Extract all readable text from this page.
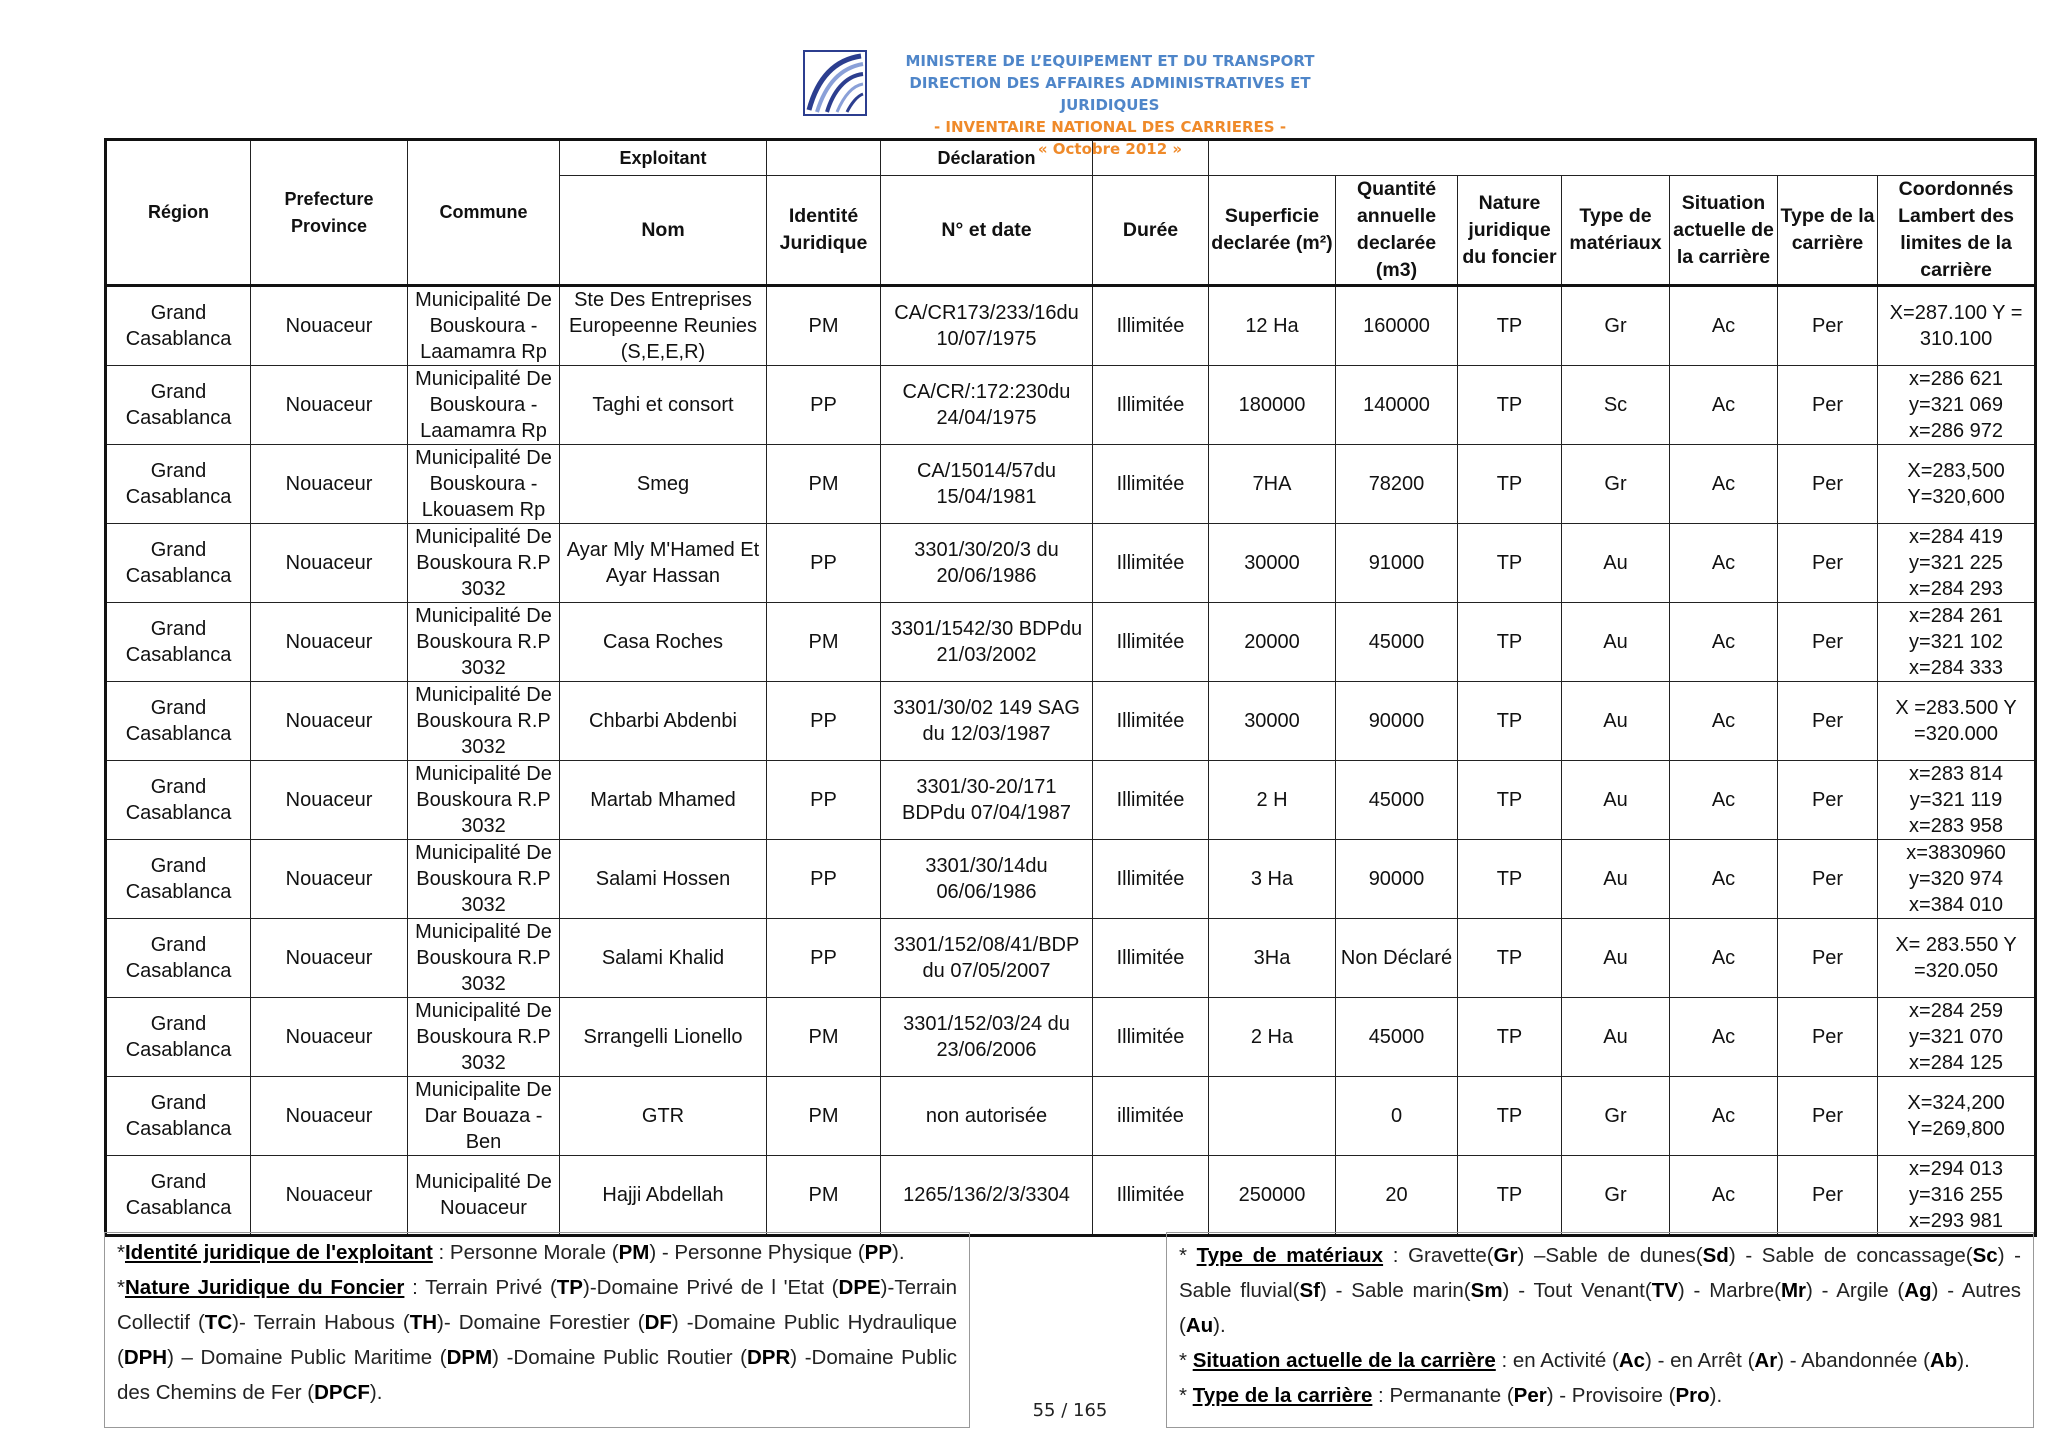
MINISTERE DE L’EQUIPEMENT ET DU TRANSPORT
DIRECTION DES AFFAIRES ADMINISTRATIVES ET JURIDIQUES
- INVENTAIRE NATIONAL DES CARRIERES -
« Octobre 2012 »
Région	Prefecture Province	Commune	Exploitant		Déclaration								
			Nom	Identité Juridique	N° et date	Durée	Superficie declarée (m²)	Quantité annuelle declarée (m3)	Nature juridique du foncier	Type de matériaux	Situation actuelle de la carrière	Type de la carrière	Coordonnés Lambert des limites de la carrière
Grand Casablanca	Nouaceur	Municipalité De Bouskoura - Laamamra Rp	Ste Des Entreprises Europeenne Reunies (S,E,E,R)	PM	CA/CR173/233/16du 10/07/1975	Illimitée	12 Ha	160000	TP	Gr	Ac	Per	X=287.100 Y = 310.100
Grand Casablanca	Nouaceur	Municipalité De Bouskoura - Laamamra Rp	Taghi et consort	PP	CA/CR/:172:230du 24/04/1975	Illimitée	180000	140000	TP	Sc	Ac	Per	x=286 621 y=321 069 x=286 972
Grand Casablanca	Nouaceur	Municipalité De Bouskoura - Lkouasem Rp	Smeg	PM	CA/15014/57du 15/04/1981	Illimitée	7HA	78200	TP	Gr	Ac	Per	X=283,500 Y=320,600
Grand Casablanca	Nouaceur	Municipalité De Bouskoura R.P 3032	Ayar Mly M'Hamed Et Ayar Hassan	PP	3301/30/20/3 du 20/06/1986	Illimitée	30000	91000	TP	Au	Ac	Per	x=284 419 y=321 225 x=284 293
Grand Casablanca	Nouaceur	Municipalité De Bouskoura R.P 3032	Casa Roches	PM	3301/1542/30 BDPdu 21/03/2002	Illimitée	20000	45000	TP	Au	Ac	Per	x=284 261 y=321 102 x=284 333
Grand Casablanca	Nouaceur	Municipalité De Bouskoura R.P 3032	Chbarbi Abdenbi	PP	3301/30/02 149 SAG du 12/03/1987	Illimitée	30000	90000	TP	Au	Ac	Per	X =283.500 Y =320.000
Grand Casablanca	Nouaceur	Municipalité De Bouskoura R.P 3032	Martab Mhamed	PP	3301/30-20/171 BDPdu 07/04/1987	Illimitée	2 H	45000	TP	Au	Ac	Per	x=283 814 y=321 119 x=283 958
Grand Casablanca	Nouaceur	Municipalité De Bouskoura R.P 3032	Salami Hossen	PP	3301/30/14du 06/06/1986	Illimitée	3 Ha	90000	TP	Au	Ac	Per	x=3830960 y=320 974 x=384 010
Grand Casablanca	Nouaceur	Municipalité De Bouskoura R.P 3032	Salami Khalid	PP	3301/152/08/41/BDP du 07/05/2007	Illimitée	3Ha	Non Déclaré	TP	Au	Ac	Per	X= 283.550 Y =320.050
Grand Casablanca	Nouaceur	Municipalité De Bouskoura R.P 3032	Srrangelli Lionello	PM	3301/152/03/24 du 23/06/2006	Illimitée	2 Ha	45000	TP	Au	Ac	Per	x=284 259 y=321 070 x=284 125
Grand Casablanca	Nouaceur	Municipalite De Dar Bouaza - Ben	GTR	PM	non autorisée	illimitée		0	TP	Gr	Ac	Per	X=324,200 Y=269,800
Grand Casablanca	Nouaceur	Municipalité De Nouaceur	Hajji Abdellah	PM	1265/136/2/3/3304	Illimitée	250000	20	TP	Gr	Ac	Per	x=294 013 y=316 255 x=293 981

*Identité juridique de l'exploitant : Personne Morale (PM) - Personne Physique (PP).

*Nature Juridique du Foncier : Terrain Privé (TP)-Domaine Privé de l 'Etat (DPE)-Terrain Collectif (TC)- Terrain Habous (TH)- Domaine Forestier (DF) -Domaine Public Hydraulique (DPH) – Domaine Public Maritime (DPM) -Domaine Public Routier (DPR) -Domaine Public des Chemins de Fer (DPCF).

* Type de matériaux : Gravette(Gr) –Sable de dunes(Sd) - Sable de concassage(Sc) - Sable fluvial(Sf) - Sable marin(Sm) - Tout Venant(TV) - Marbre(Mr) - Argile (Ag) - Autres (Au).

* Situation actuelle de la carrière : en Activité (Ac) - en Arrêt (Ar) - Abandonnée (Ab).

* Type de la carrière : Permanante (Per) - Provisoire (Pro).

55 / 165
